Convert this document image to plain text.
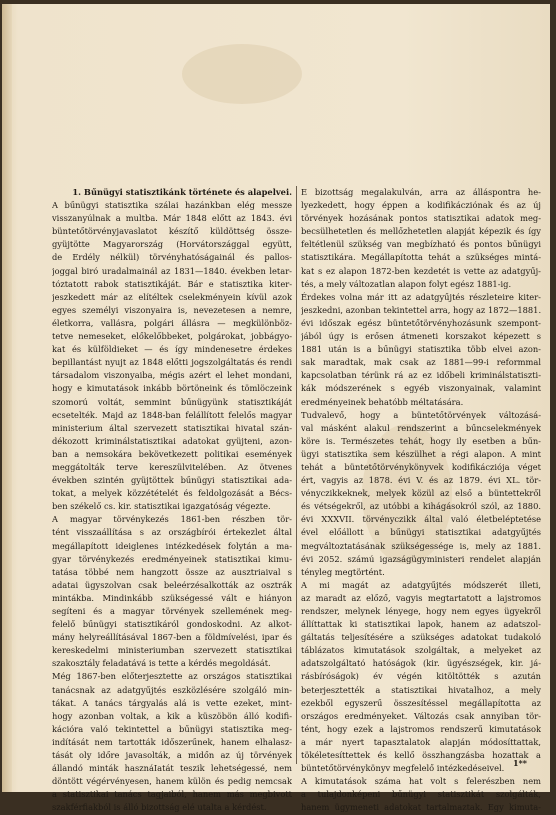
1. Bűnügyi statisztikánk története és alapelvei.
A bűnügyi statisztika szálai hazánkban elég messze
visszanyúlnak a multba. Már 1848 előtt az 1843. évi
büntetőtörvényjavaslatot készítő küldöttség össze-
gyüjtötte Magyarország (Horvátországgal együtt,
de Erdély nélkül) törvényhatóságainál és pallos-
joggal biró uradalmainál az 1831—1840. években letar-
tóztatott rabok statisztikáját. Bár e statisztika kiter-
jeszkedett már az elítéltek cselekményein kívül azok
egyes személyi viszonyaira is, nevezetesen a nemre,
életkorra, vallásra, polgári állásra — megkülönböz-
tetve nemeseket, előkelőbbeket, polgárokat, jobbágyo-
kat és külföldieket — és így mindenesetre érdekes
bepillantást nyujt az 1848 előtti jogszolgáltatás és rendi
társadalom viszonyaiba, mégis azért el lehet mondani,
hogy e kimutatások inkább börtöneink és tömlöczeink
szomorú voltát, semmint bűnügyünk statisztikáját
ecsetelték. Majd az 1848-ban felállított felelős magyar
ministerium által szervezett statisztikai hivatal szán-
dékozott kriminálstatisztikai adatokat gyüjteni, azon-
ban a nemsokára bekövetkezett politikai események
meggátolták terve kereszülvitelében. Az ötvenes
években szintén gyüjtöttek bűnügyi statisztikai ada-
tokat, a melyek közzétételét és feldolgozását a Bécs-
ben székelő cs. kir. statisztikai igazgatóság végezte.
A magyar törvénykezés 1861-ben részben tör-
tént visszaállítása s az országbírói értekezlet által
megállapított ideiglenes intézkedések folytán a ma-
gyar törvénykezés eredményeinek statisztikai kimu-
tatása többé nem hangzott össze az ausztriaival s
adatai ügyszolvan csak beleérzésalkották az osztrák
mintákba. Mindinkább szükségessé vált e hiányon
segíteni és a magyar törvények szellemének meg-
felelő bűnügyi statisztikáról gondoskodni. Az alkot-
mány helyreállításával 1867-ben a földmívelési, ipar és
kereskedelmi ministeriumban szervezett statisztikai
szakosztály feladatává is tette a kérdés megoldását.
Még 1867-ben előterjesztette az országos statisztikai
tanácsnak az adatgyűjtés eszközlésére szolgáló min-
tákat. A tanács tárgyalás alá is vette ezeket, mint-
hogy azonban voltak, a kik a küszöbön álló kodifi-
kációra való tekintettel a bűnügyi statisztika meg-
indítását nem tartották időszerűnek, hanem elhalasz-
tását oly időre javasolták, a midőn az új törvények
állandó minták hasznáIatát teszik lehetségessé, nem
döntött végérvényesen, hanem külön és pedig nemcsak
a statisztikai tanács tagjaiból, hanem más megbivott
szakférfiakból is álló bizottság elé utalta a kérdést.
E bizottság megalakulván, arra az álláspontra he-
lyezkedett, hogy éppen a kodifikácziónak és az új
törvények hozásának pontos statisztikai adatok meg-
becsülhetetlen és mellőzhetetlen alapját képezik és így
feltétlenül szükség van megbízható és pontos bűnügyi
statisztikára. Megállapította tehát a szükséges mintá-
kat s ez alapon 1872-ben kezdetét is vette az adatgyűj-
tés, a mely változatlan alapon folyt egész 1881-ig.
Érdekes volna már itt az adatgyűjtés részleteire kiter-
jeszkedni, azonban tekintettel arra, hogy az 1872—1881.
évi időszak egész büntetőtörvényhozásunk szempont-
jából úgy is erősen átmeneti korszakot képezett s
1881 után is a bűnügyi statisztika több elvei azon-
sak maradtak, mak csak az 1881—99-i reformmal
kapcsolatban térünk rá az ez időbeli kriminálstatiszti-
kák módszerének s egyéb viszonyainak, valamint
eredményeinek behatóbb méltatására.
Tudvalevő, hogy a büntetőtörvények változásá-
val másként alakul rendszerint a bűncselekmények
köre is. Természetes tehát, hogy ily esetben a bűn-
ügyi statisztika sem készülhet a régi alapon. A mint
tehát a büntetőtörvénykönyvek kodifikácziója véget
ért, vagyis az 1878. évi V. és az 1879. évi XL. tör-
vényczikkeknek, melyek közül az első a büntettekről
és vétségekről, az utóbbi a kihágásokról szól, az 1880.
évi XXXVII. törvényczikk által való életbeléptetése
ével előállott a bűnügyi statisztikai adatgyűjtés
megváltoztatásának szükségessége is, mely az 1881.
évi 2052. számú igazságügyministeri rendelet alapján
tényleg megtörtént.
A mi magát az adatgyűjtés módszerét illeti,
az maradt az előző, vagyis megtartatott a lajstromos
rendszer, melynek lényege, hogy nem egyes ügyekről
állíttattak ki statisztikai lapok, hanem az adatszol-
gáltatás teljesítésére a szükséges adatokat tudakoló
táblázatos kimutatások szolgáltak, a melyeket az
adatszolgáltató hatóságok (kir. ügyészségek, kir. já-
rásbíróságok) év végén kitöltötték s azután
beterjesztették a statisztikai hivatalhoz, a mely
ezekből egyszerű összesítéssel megállapította az
országos eredményeket. Változás csak annyiban tör-
tént, hogy ezek a lajstromos rendszerű kimutatások
a már nyert tapasztalatok alapján módosíttattak,
tökéletesíttettek és kellő összhangzásba hozattak a
büntetőtörvénykönyv megfelelő intézkedéseivel.
A kimutatások száma hat volt s felerészben nem
a tulajdonképeni bűnügyi statisztikát szolgálták,
hanem ügymeneti adatokat tartalmaztak. Egy kimuta-
1**
